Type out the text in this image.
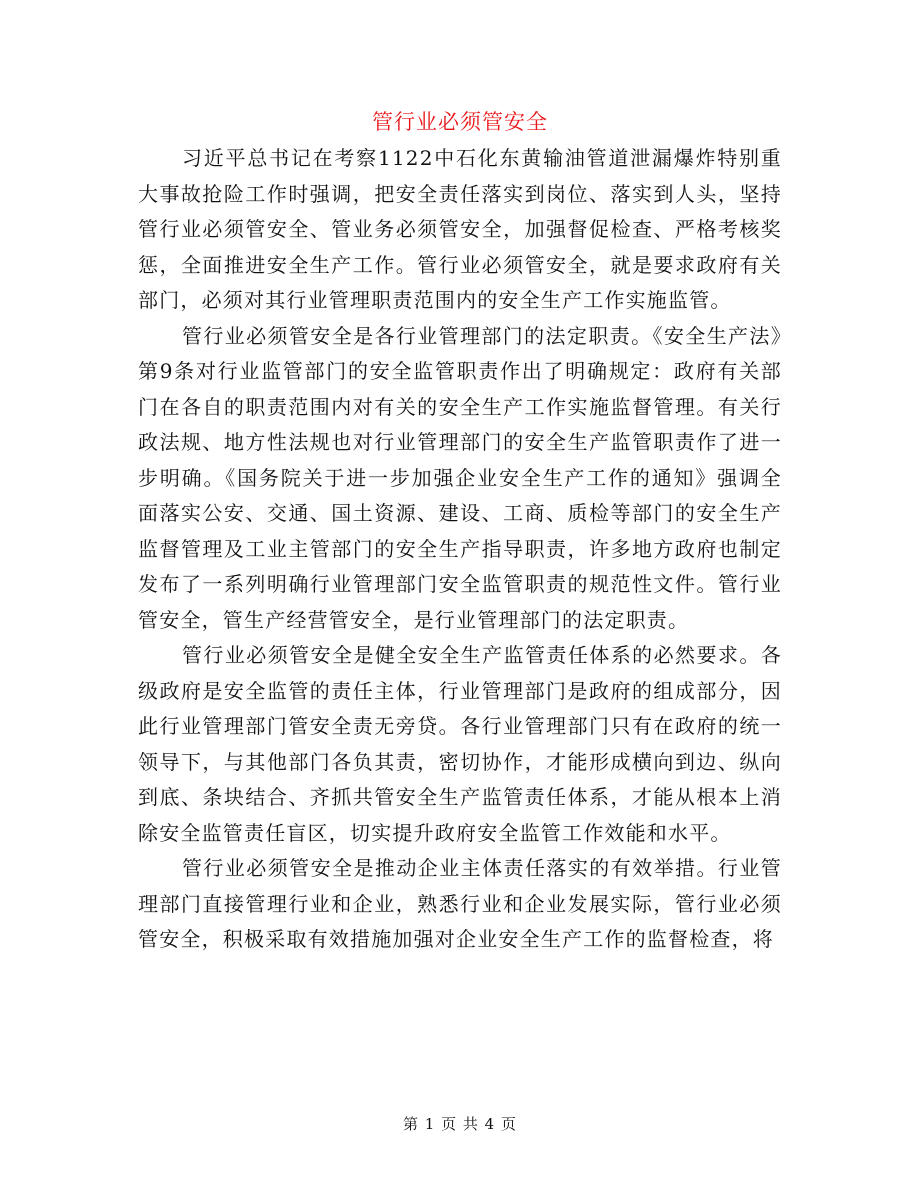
管行业必须管安全

习近平总书记在考察1122中石化东黄输油管道泄漏爆炸特别重大事故抢险工作时强调，把安全责任落实到岗位、落实到人头，坚持管行业必须管安全、管业务必须管安全，加强督促检查、严格考核奖惩，全面推进安全生产工作。管行业必须管安全，就是要求政府有关部门，必须对其行业管理职责范围内的安全生产工作实施监管。

管行业必须管安全是各行业管理部门的法定职责。《安全生产法》第9条对行业监管部门的安全监管职责作出了明确规定：政府有关部门在各自的职责范围内对有关的安全生产工作实施监督管理。有关行政法规、地方性法规也对行业管理部门的安全生产监管职责作了进一步明确。《国务院关于进一步加强企业安全生产工作的通知》强调全面落实公安、交通、国土资源、建设、工商、质检等部门的安全生产监督管理及工业主管部门的安全生产指导职责，许多地方政府也制定发布了一系列明确行业管理部门安全监管职责的规范性文件。管行业管安全，管生产经营管安全，是行业管理部门的法定职责。

管行业必须管安全是健全安全生产监管责任体系的必然要求。各级政府是安全监管的责任主体，行业管理部门是政府的组成部分，因此行业管理部门管安全责无旁贷。各行业管理部门只有在政府的统一领导下，与其他部门各负其责，密切协作，才能形成横向到边、纵向到底、条块结合、齐抓共管安全生产监管责任体系，才能从根本上消除安全监管责任盲区，切实提升政府安全监管工作效能和水平。

管行业必须管安全是推动企业主体责任落实的有效举措。行业管理部门直接管理行业和企业，熟悉行业和企业发展实际，管行业必须管安全，积极采取有效措施加强对企业安全生产工作的监督检查，将

第 1 页 共 4 页
